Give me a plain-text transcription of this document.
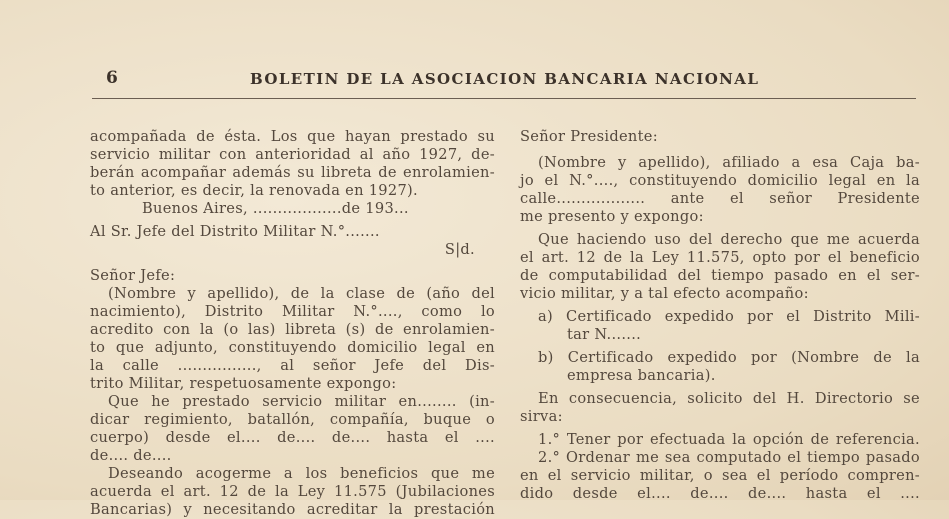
6	BOLETIN DE LA ASOCIACION BANCARIA NACIONAL
acompañada de ésta. Los que hayan prestado su
servicio militar con anterioridad al año 1927, de-
berán acompañar además su libreta de enrolamien-
to anterior, es decir, la renovada en 1927).
Buenos Aires, ..................de 193...
Al Sr. Jefe del Distrito Militar N.°.......
S|d.
Señor Jefe:
(Nombre y apellido), de la clase de (año del
nacimiento), Distrito Militar N.°...., como lo
acredito con la (o las) libreta (s) de enrolamien-
to que adjunto, constituyendo domicilio legal en
la calle ................, al señor Jefe del Dis-
trito Militar, respetuosamente expongo:
Que he prestado servicio militar en........ (in-
dicar regimiento, batallón, compañía, buque o
cuerpo) desde el.... de.... de.... hasta el ....
de.... de....
Deseando acogerme a los beneficios que me
acuerda el art. 12 de la Ley 11.575 (Jubilaciones
Bancarias) y necesitando acreditar la prestación
Señor Presidente:
(Nombre y apellido), afiliado a esa Caja ba-
jo el N.°...., constituyendo domicilio legal en la
calle.................. ante el señor Presidente
me presento y expongo:
Que haciendo uso del derecho que me acuerda
el art. 12 de la Ley 11.575, opto por el beneficio
de computabilidad del tiempo pasado en el ser-
vicio militar, y a tal efecto acompaño:
a) Certificado expedido por el Distrito Mili-
tar N.......
b) Certificado expedido por (Nombre de la
empresa bancaria).
En consecuencia, solicito del H. Directorio se
sirva:
1.° Tener por efectuada la opción de referencia.
2.° Ordenar me sea computado el tiempo pasado
en el servicio militar, o sea el período compren-
dido desde el.... de.... de.... hasta el ....
